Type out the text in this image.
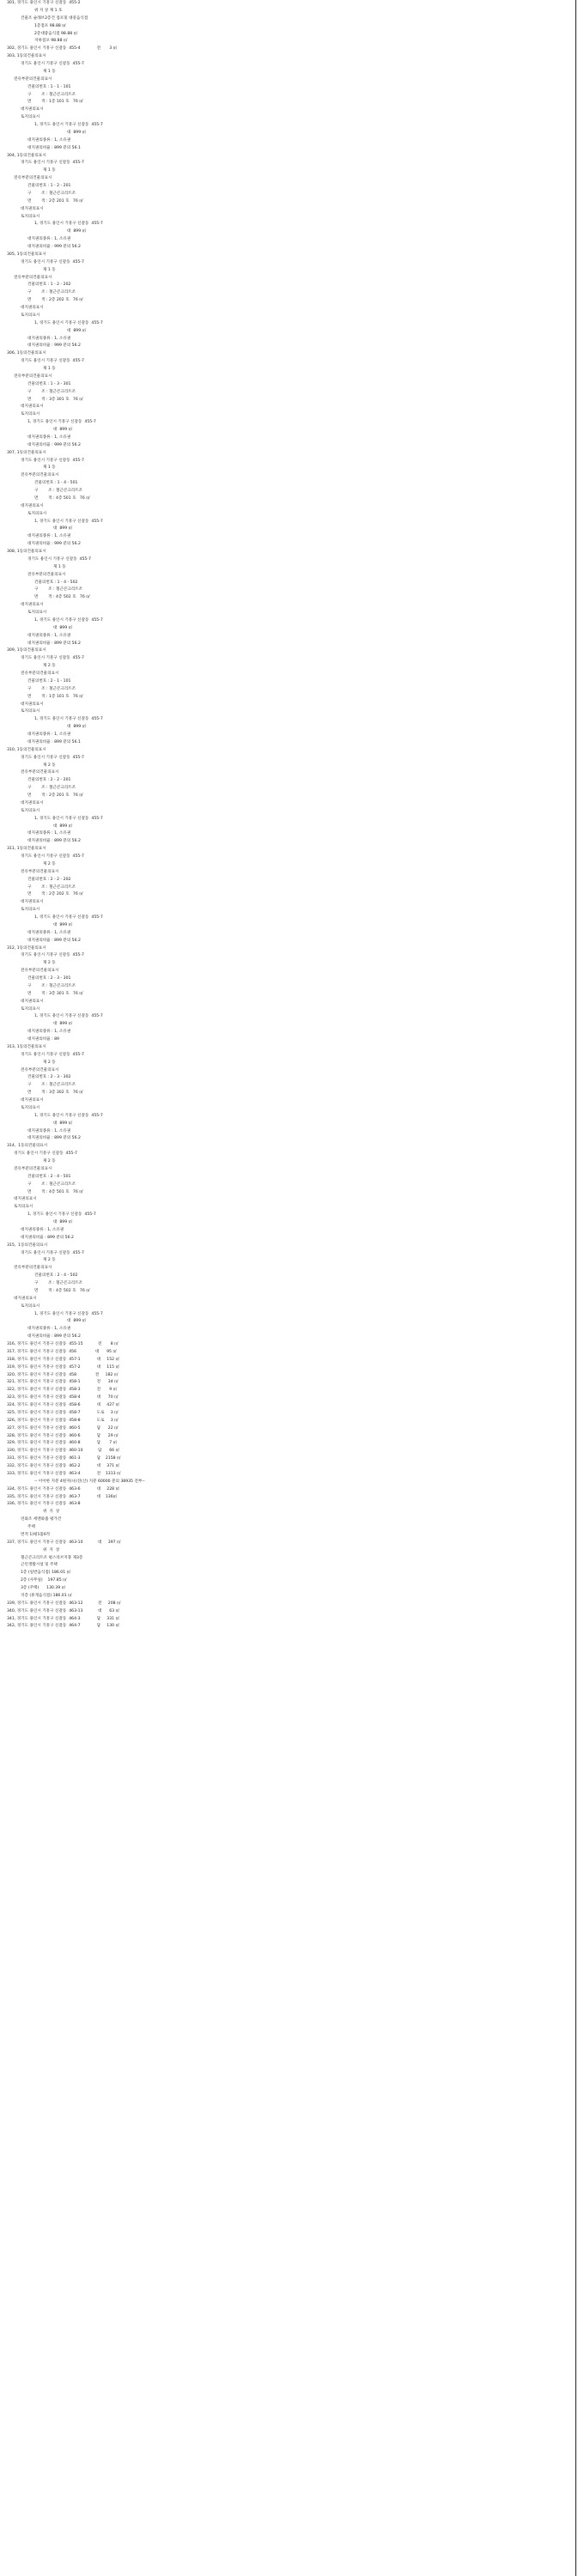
301, 경기도 용인시 기흥구 신갈동  455-2
위 지 상 제 1 호
건물조 슬래브2층건 점포및 대중음식점
1층점포 98.88 ㎡
2층대중음식점 98.88 ㎡
지하점포 98.88 ㎡
302, 경기도 용인시 기흥구 신갈동  455-4             전       3 ㎡
303, 1동의건물의표시
경기도 용인시 기흥구 신갈동  455-7
제 1 동
전유부분의건물의표시
건물의번호 : 1 - 1 - 101
구        조 : 철근콘크리트조
면        적 : 1층 101 호   76 ㎡
대지권의표시
토지의표시
1, 경기도 용인시 기흥구 신갈동  455-7
대  899 ㎡
대지권의종류 : 1, 소유권
대지권의비율 : 899 분의 56.1
304, 1동의건물의표시
경기도 용인시 기흥구 신갈동  455-7
제 1 동
전유부분의건물의표시
건물의번호 : 1 - 2 - 201
구        조 : 철근콘크리트조
면        적 : 2층 201 호   76 ㎡
대지권의표시
토지의표시
1, 경기도 용인시 기흥구 신갈동  455-7
대  899 ㎡
대지권의종류 : 1, 소유권
대지권의비율 : 999 분의 56.2
305, 1동의건물의표시
경기도 용인시 기흥구 신갈동  455-7
제 1 동
전유부분의건물의표시
건물의번호 : 1 - 2 - 202
구        조 : 철근콘크리트조
면        적 : 2층 202 호   76 ㎡
대지권의표시
토지의표시
1, 경기도 용인시 기흥구 신갈동  455-7
대  899 ㎡
대지권의종류 : 1, 소유권
대지권의비율 : 999 분의 56.2
306, 1동의건물의표시
경기도 용인시 기흥구 신갈동  455-7
제 1 동
전유부분의건물의표시
건물의번호 : 1 - 3 - 301
구        조 : 철근콘크리트조
면        적 : 3층 301 호   76 ㎡
대지권의표시
토지의표시
1, 경기도 용인시 기흥구 신갈동  455-7
대  899 ㎡
대지권의종류 : 1, 소유권
대지권의비율 : 999 분의 56.2
307, 1동의건물의표시
경기도 용인시 기흥구 신갈동  455-7
제 1 동
전유부분의건물의표시
건물의번호 : 1 - 4 - 501
구        조 : 철근콘크리트조
면        적 : 4층 501 호   76 ㎡
대지권의표시
토지의표시
1, 경기도 용인시 기흥구 신갈동  455-7
대  899 ㎡
대지권의종류 : 1, 소유권
대지권의비율 : 999 분의 56.2
308, 1동의건물의표시
경기도 용인시 기흥구 신갈동  455-7
제 1 동
전유부분의건물의표시
건물의번호 : 1 - 4 - 502
구        조 : 철근콘크리트조
면        적 : 4층 502 호   76 ㎡
대지권의표시
토지의표시
1, 경기도 용인시 기흥구 신갈동  455-7
대  899 ㎡
대지권의종류 : 1, 소유권
대지권의비율 : 899 분의 56.2
309, 1동의건물의표시
경기도 용인시 기흥구 신갈동  455-7
제 2 동
전유부분의건물의표시
건물의번호 : 2 - 1 - 101
구        조 : 철근콘크리트조
면        적 : 1층 101 호   76 ㎡
대지권의표시
토지의표시
1, 경기도 용인시 기흥구 신갈동  455-7
대  899 ㎡
대지권의종류 : 1, 소유권
대지권의비율 : 899 분의 56.1
310, 1동의건물의표시
경기도 용인시 기흥구 신갈동  455-7
제 2 동
전유부분의건물의표시
건물의번호 : 2 - 2 - 201
구        조 : 철근콘크리트조
면        적 : 2층 201 호   76 ㎡
대지권의표시
토지의표시
1, 경기도 용인시 기흥구 신갈동  455-7
대  899 ㎡
대지권의종류 : 1, 소유권
대지권의비율 : 899 분의 56.2
311, 1동의건물의표시
경기도 용인시 기흥구 신갈동  455-7
제 2 동
전유부분의건물의표시
건물의번호 : 2 - 2 - 202
구        조 : 철근콘크리트조
면        적 : 2층 202 호   76 ㎡
대지권의표시
토지의표시
1, 경기도 용인시 기흥구 신갈동  455-7
대  899 ㎡
대지권의종류 : 1, 소유권
대지권의비율 : 899 분의 56.2
312, 1동의건물의표시
경기도 용인시 기흥구 신갈동  455-7
제 2 동
전유부분의건물의표시
건물의번호 : 2 - 3 - 301
구        조 : 철근콘크리트조
면        적 : 3층 301 호   76 ㎡
대지권의표시
토지의표시
1, 경기도 용인시 기흥구 신갈동  455-7
대  899 ㎡
대지권의종류 : 1, 소유권
대지권의비율 : 89
313, 1동의건물의표시
경기도 용인시 기흥구 신갈동  455-7
제 2 동
전유부분의건물의표시
건물의번호 : 2 - 3 - 302
구        조 : 철근콘크리트조
면        적 : 3층 302 호   76 ㎡
대지권의표시
토지의표시
1, 경기도 용인시 기흥구 신갈동  455-7
대  899 ㎡
대지권의종류 : 1, 소유권
대지권의비율 : 899 분의 56.2
314,  1동의건물의표시
경기도 용인시 기흥구 신갈동  455-7
제 2 동
전유부분의건물의표시
건물의번호 : 2 - 4 - 501
구        조 : 철근콘크리트조
면        적 : 4층 501 호   76 ㎡
대지권의표시
토지의표시
1, 경기도 용인시 기흥구 신갈동  455-7
대  899 ㎡
대지권의종류 : 1, 소유권
대지권의비율 : 899 분의 56.2
315,  1동의건물의표시
경기도 용인시 기흥구 신갈동  455-7
제 2 동
전유부분의건물의표시
건물의번호 : 2 - 4 - 502
구        조 : 철근콘크리트조
면        적 : 4층 502 호   76 ㎡
대지권의표시
토지의표시
1, 경기도 용인시 기흥구 신갈동  455-7
대  899 ㎡
대지권의종류 : 1, 소유권
대지권의비율 : 899 분의 56.2
316, 경기도 용인시 기흥구 신갈동  455-15            전       8 ㎡
317, 경기도 용인시 기흥구 신갈동  456               대      95 ㎡
318, 경기도 용인시 기흥구 신갈동  457-1             대     152 ㎡
319, 경기도 용인시 기흥구 신갈동  457-2             대     115 ㎡
320, 경기도 용인시 기흥구 신갈동  458               전     182 ㎡
321, 경기도 용인시 기흥구 신갈동  458-1             전      34 ㎡
322, 경기도 용인시 기흥구 신갈동  458-3             전       9 ㎡
323, 경기도 용인시 기흥구 신갈동  458-4             대      70 ㎡
324, 경기도 용인시 기흥구 신갈동  458-6             대     427 ㎡
325, 경기도 용인시 기흥구 신갈동  458-7             도로     3 ㎡
326, 경기도 용인시 기흥구 신갈동  458-8             도로     3 ㎡
327, 경기도 용인시 기흥구 신갈동  460-5             답      22 ㎡
328, 경기도 용인시 기흥구 신갈동  460-6             답      29 ㎡
329, 경기도 용인시 기흥구 신갈동  460-8             답       7 ㎡
330, 경기도 용인시 기흥구 신갈동  460-10            답      66 ㎡
331, 경기도 용인시 기흥구 신갈동  461-3             답    2158 ㎡
332, 경기도 용인시 기흥구 신갈동  462-2             대     371 ㎡
333, 경기도 용인시 기흥구 신갈동  463-4             전    1313 ㎡
-- 이이한 지분 4원자(나)진(산) 지분 60000 분의 38935 전부--
334, 경기도 용인시 기흥구 신갈동  463-6             대     228 ㎡
335, 경기도 용인시 기흥구 신갈동  463-7             대    136㎡
336, 경기도 용인시 기흥구 신갈동  463-8
위  지  상
연와조 세멘와즙 평가건
주택
면적 1)평1홉6작
337, 경기도 용인시 기흥구 신갈동  463-10            대     397 ㎡
위  지  상
철근콘크리트조 평스라브지붕 제3층
근린생활시설 및 주택
1층 (일반음식점) 186.01 ㎡
2층 (사무실)    197.85 ㎡
3층 (주택)      130.39 ㎡
지층 (휴게음식점) 186.01 ㎡
339, 경기도 용인시 기흥구 신갈동  463-12            전     208 ㎡
340, 경기도 용인시 기흥구 신갈동  463-13            대      63 ㎡
341, 경기도 용인시 기흥구 신갈동  464-3             답     331 ㎡
342, 경기도 용인시 기흥구 신갈동  464-7             답     130 ㎡
